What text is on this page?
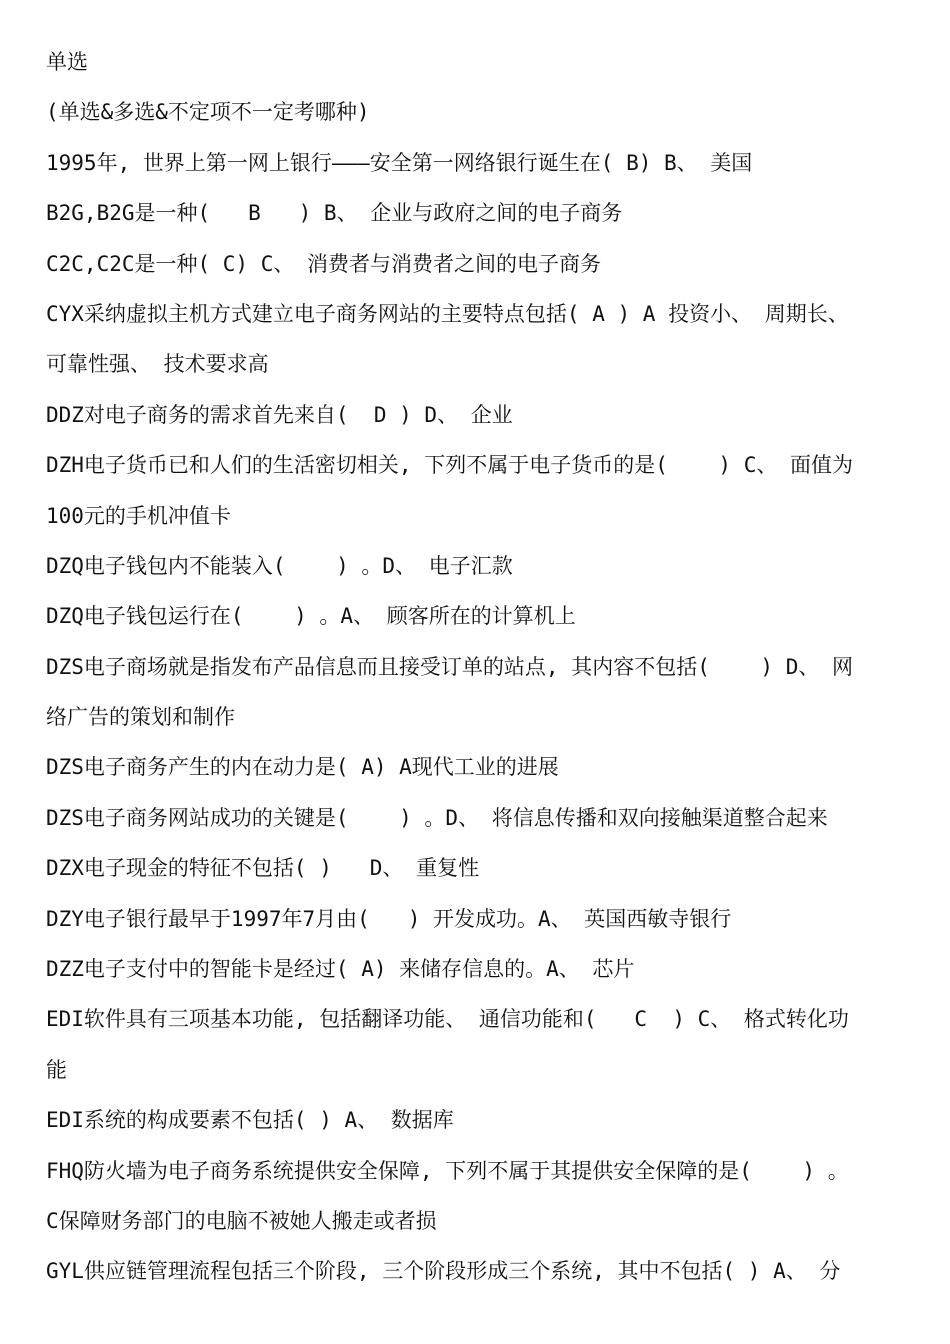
单选
(单选&多选&不定项不一定考哪种)
1995年, 世界上第一网上银行———安全第一网络银行诞生在( B) B、 美国
B2G,B2G是一种(   B   ) B、 企业与政府之间的电子商务
C2C,C2C是一种( C) C、 消费者与消费者之间的电子商务
CYX采纳虚拟主机方式建立电子商务网站的主要特点包括( A ) A 投资小、 周期长、
可靠性强、 技术要求高
DDZ对电子商务的需求首先来自(  D ) D、 企业
DZH电子货币已和人们的生活密切相关, 下列不属于电子货币的是(    ) C、 面值为
100元的手机冲值卡
DZQ电子钱包内不能装入(    ) 。D、 电子汇款
DZQ电子钱包运行在(    ) 。A、 顾客所在的计算机上
DZS电子商场就是指发布产品信息而且接受订单的站点, 其内容不包括(    ) D、 网
络广告的策划和制作
DZS电子商务产生的内在动力是( A) A现代工业的进展
DZS电子商务网站成功的关键是(    ) 。D、 将信息传播和双向接触渠道整合起来
DZX电子现金的特征不包括( )   D、 重复性
DZY电子银行最早于1997年7月由(   ) 开发成功。A、 英国西敏寺银行
DZZ电子支付中的智能卡是经过( A) 来储存信息的。A、 芯片
EDI软件具有三项基本功能, 包括翻译功能、 通信功能和(   C  ) C、 格式转化功
能
EDI系统的构成要素不包括( ) A、 数据库
FHQ防火墙为电子商务系统提供安全保障, 下列不属于其提供安全保障的是(    ) 。
C保障财务部门的电脑不被她人搬走或者损
GYL供应链管理流程包括三个阶段, 三个阶段形成三个系统, 其中不包括( ) A、 分
